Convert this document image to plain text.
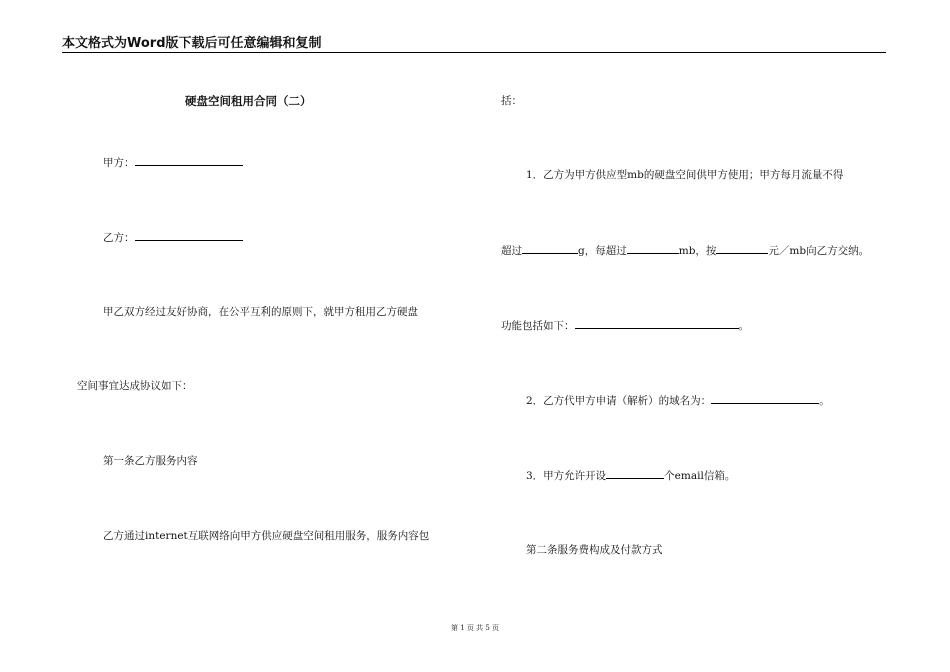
本文格式为Word版下载后可任意编辑和复制
硬盘空间租用合同（二）
甲方：
乙方：
甲乙双方经过友好协商，在公平互利的原则下，就甲方租用乙方硬盘
空间事宜达成协议如下：
第一条乙方服务内容
乙方通过internet互联网络向甲方供应硬盘空间租用服务，服务内容包
括：
1．乙方为甲方供应型mb的硬盘空间供甲方使用；甲方每月流量不得
超过	g，每超过	mb，按	元／mb向乙方交纳。
功能包括如下：	。
2．乙方代甲方申请（解析）的域名为：	。
3．甲方允许开设	个email信箱。
第二条服务费构成及付款方式
第 1 页 共 5 页
